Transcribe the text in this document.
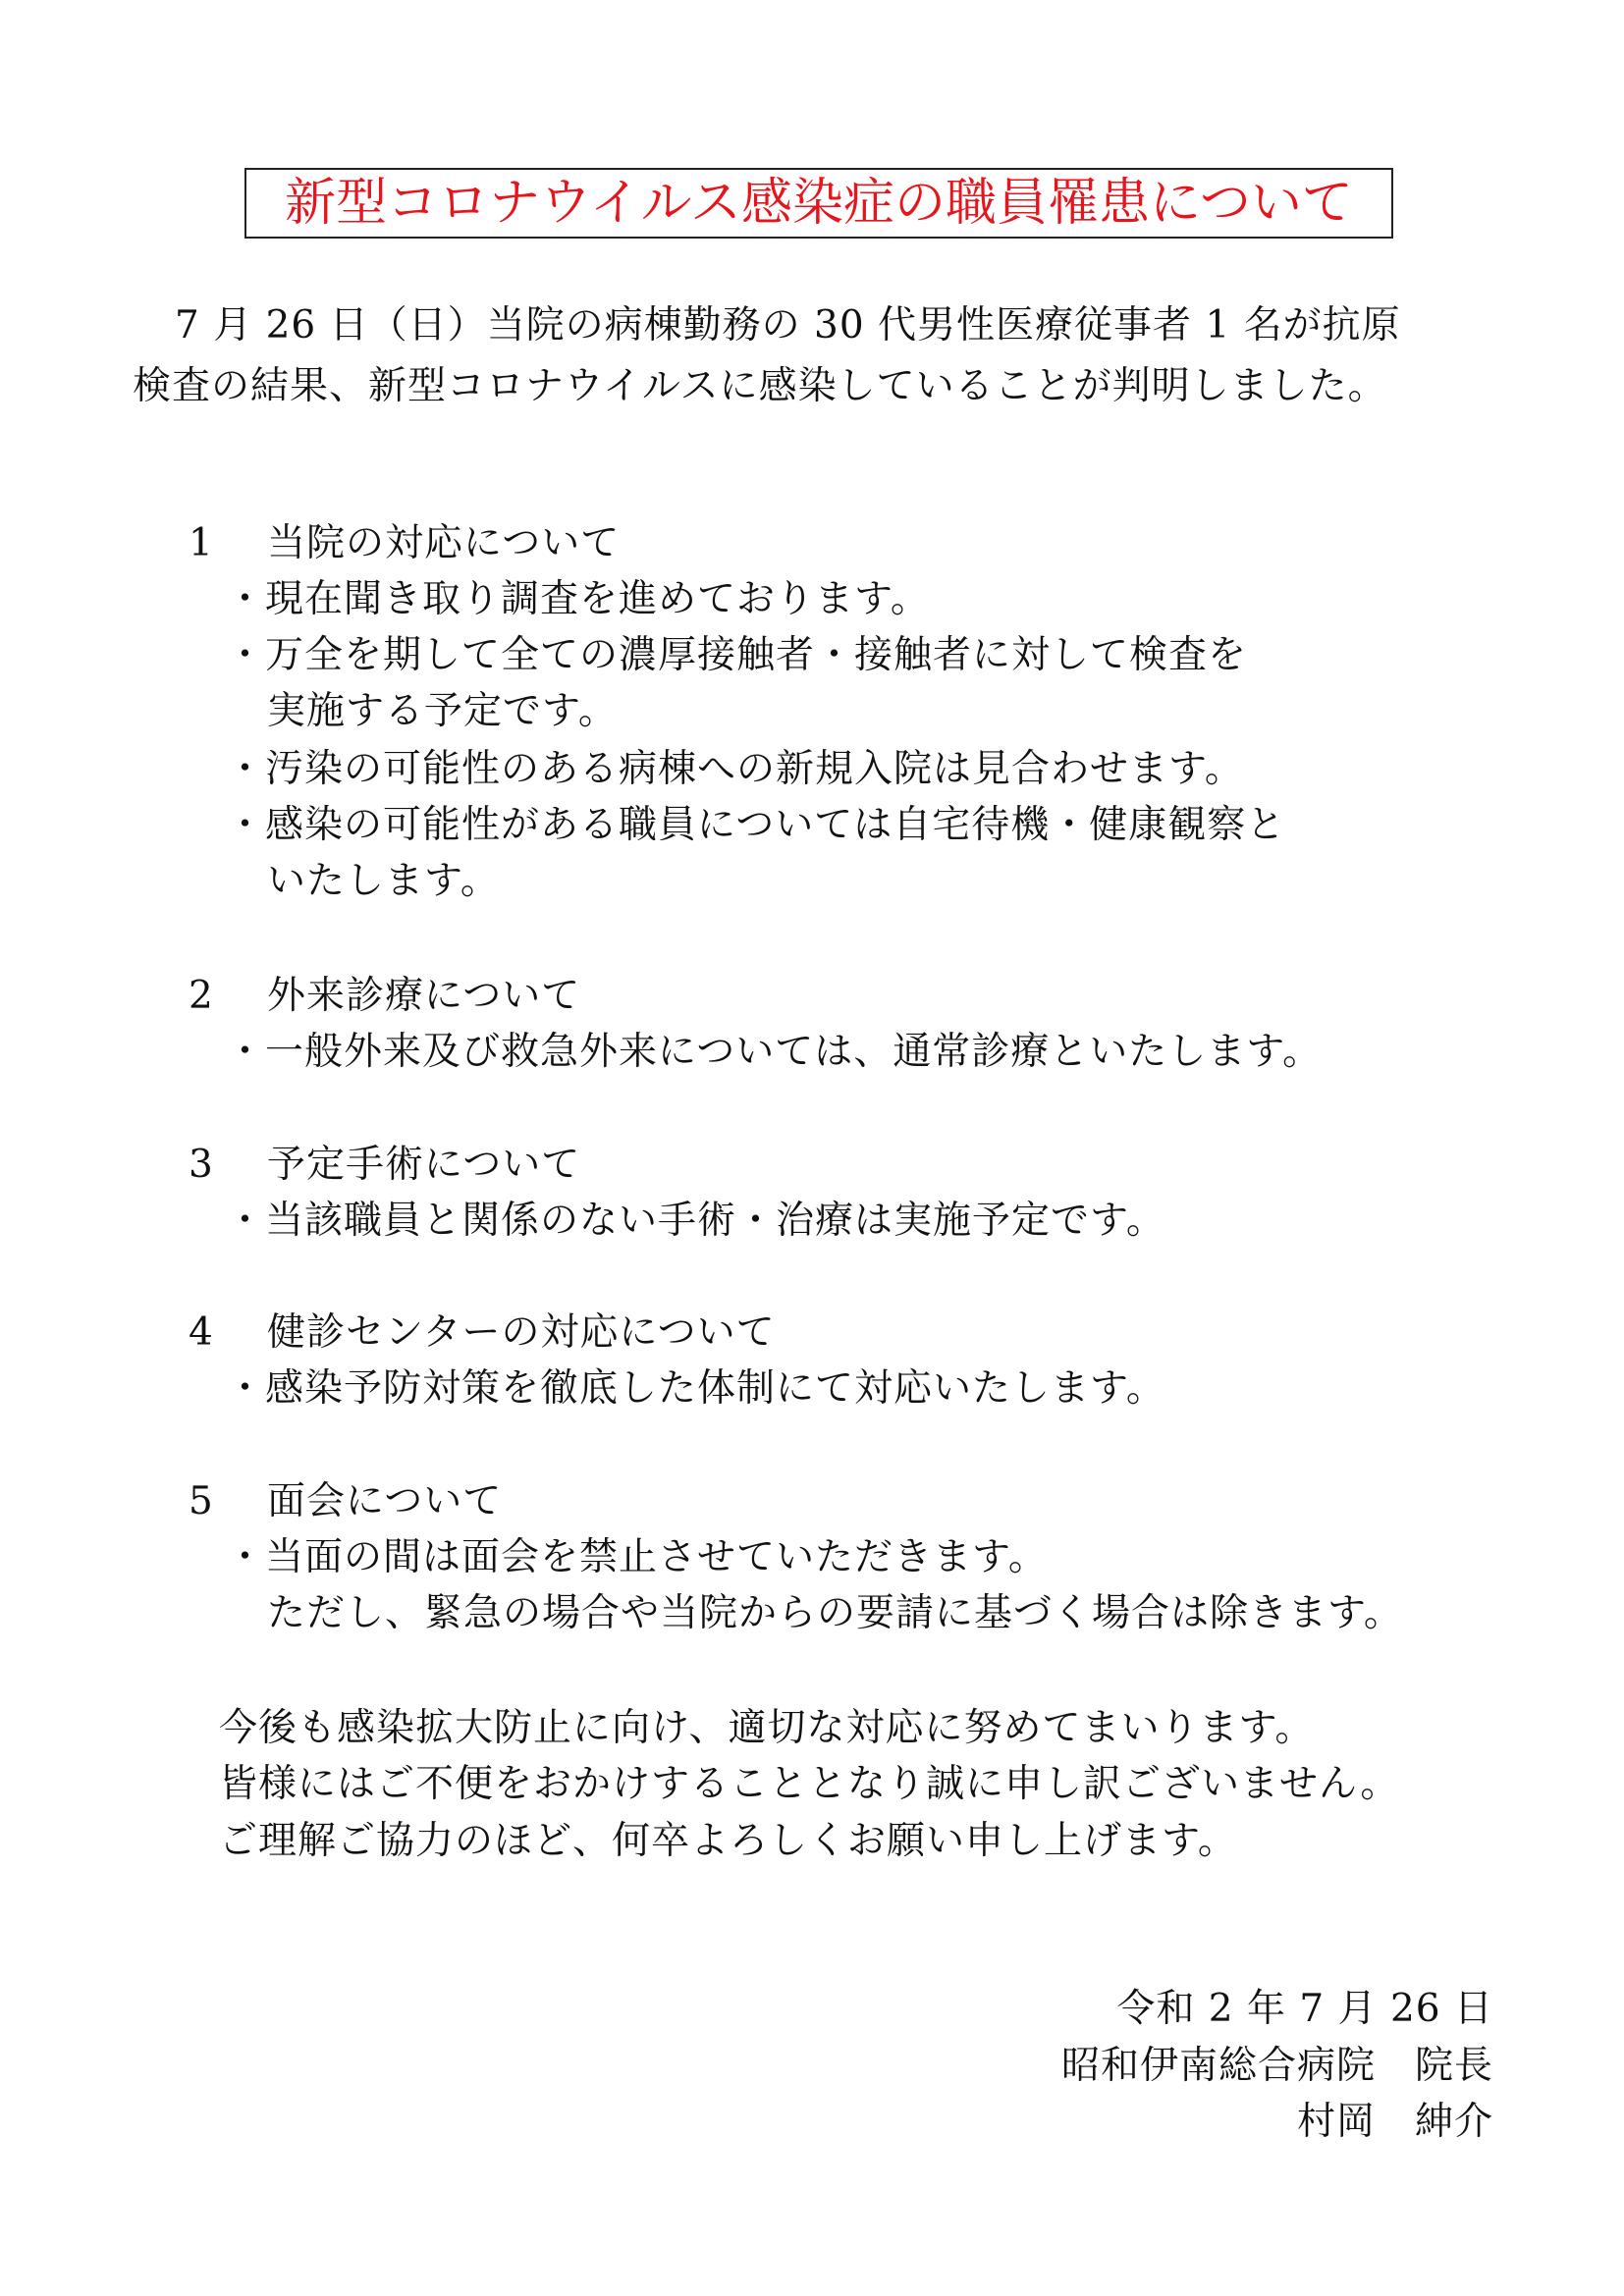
新型コロナウイルス感染症の職員罹患について
7 月 26 日（日）当院の病棟勤務の 30 代男性医療従事者 1 名が抗原
検査の結果、新型コロナウイルスに感染していることが判明しました。
1 当院の対応について
・現在聞き取り調査を進めております。
・万全を期して全ての濃厚接触者・接触者に対して検査を
実施する予定です。
・汚染の可能性のある病棟への新規入院は見合わせます。
・感染の可能性がある職員については自宅待機・健康観察と
いたします。
2 外来診療について
・一般外来及び救急外来については、通常診療といたします。
3 予定手術について
・当該職員と関係のない手術・治療は実施予定です。
4 健診センターの対応について
・感染予防対策を徹底した体制にて対応いたします。
5 面会について
・当面の間は面会を禁止させていただきます。
ただし、緊急の場合や当院からの要請に基づく場合は除きます。
今後も感染拡大防止に向け、適切な対応に努めてまいります。
皆様にはご不便をおかけすることとなり誠に申し訳ございません。
ご理解ご協力のほど、何卒よろしくお願い申し上げます。
令和 2 年 7 月 26 日
昭和伊南総合病院　院長
村岡　紳介
